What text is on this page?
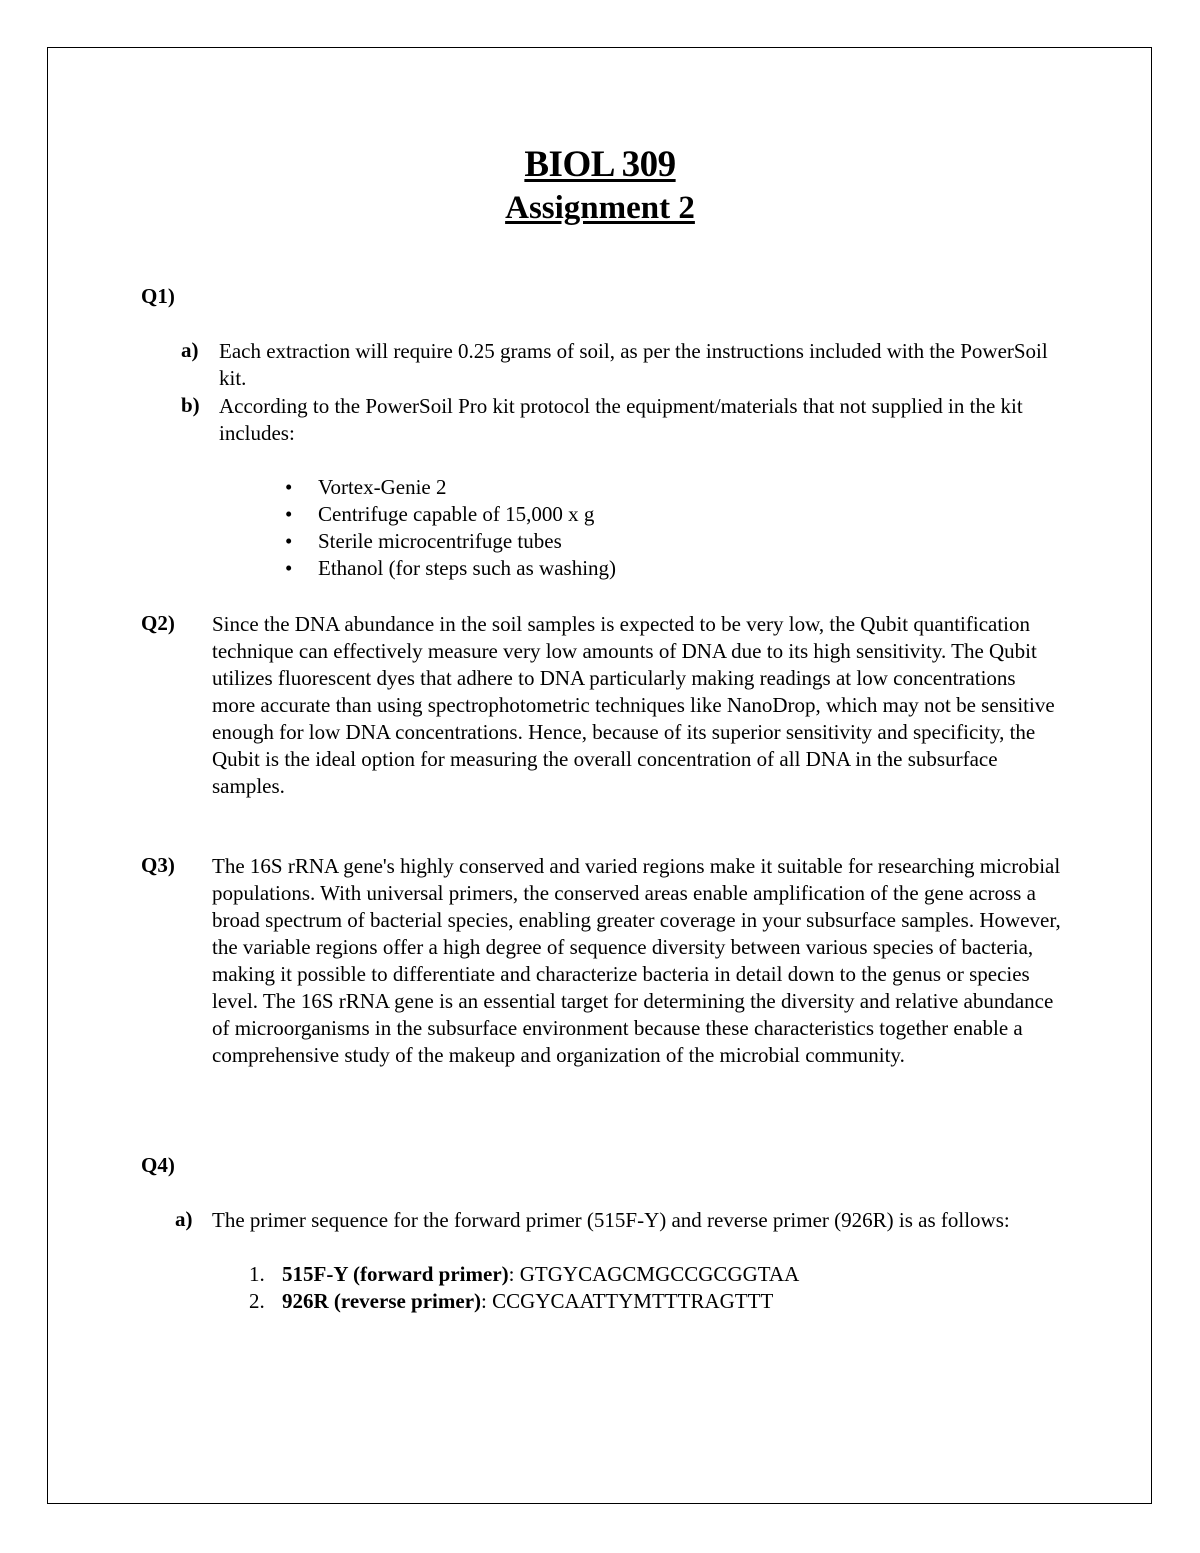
BIOL 309
Assignment 2
Q1)
a) Each extraction will require 0.25 grams of soil, as per the instructions included with the PowerSoil kit.
b) According to the PowerSoil Pro kit protocol the equipment/materials that not supplied in the kit includes:
• Vortex-Genie 2
• Centrifuge capable of 15,000 x g
• Sterile microcentrifuge tubes
• Ethanol (for steps such as washing)
Q2) Since the DNA abundance in the soil samples is expected to be very low, the Qubit quantification technique can effectively measure very low amounts of DNA due to its high sensitivity. The Qubit utilizes fluorescent dyes that adhere to DNA particularly making readings at low concentrations more accurate than using spectrophotometric techniques like NanoDrop, which may not be sensitive enough for low DNA concentrations. Hence, because of its superior sensitivity and specificity, the Qubit is the ideal option for measuring the overall concentration of all DNA in the subsurface samples.
Q3) The 16S rRNA gene's highly conserved and varied regions make it suitable for researching microbial populations. With universal primers, the conserved areas enable amplification of the gene across a broad spectrum of bacterial species, enabling greater coverage in your subsurface samples. However, the variable regions offer a high degree of sequence diversity between various species of bacteria, making it possible to differentiate and characterize bacteria in detail down to the genus or species level. The 16S rRNA gene is an essential target for determining the diversity and relative abundance of microorganisms in the subsurface environment because these characteristics together enable a comprehensive study of the makeup and organization of the microbial community.
Q4)
a) The primer sequence for the forward primer (515F-Y) and reverse primer (926R) is as follows:
1. 515F-Y (forward primer): GTGYCAGCMGCCGCGGTAA
2. 926R (reverse primer): CCGYCAATTYMTTTRAGTTT
